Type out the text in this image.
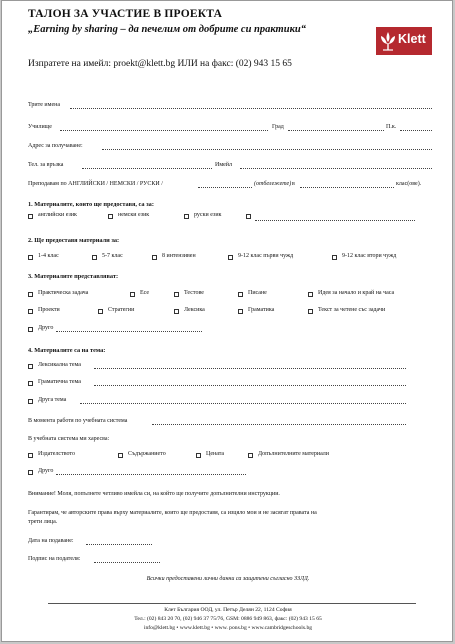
ТАЛОН ЗА УЧАСТИЕ В ПРОЕКТА
„Earning by sharing – да печелим от добрите си практики“
Изпратете на имейл: proekt@klett.bg ИЛИ на факс: (02) 943 15 65
Klett
Трите имена
Училище	Град	П.к.
Адрес за получаване:
Тел. за връзка	Имейл
Преподавам по АНГЛИЙСКИ / НЕМСКИ / РУСКИ /	(отбележете) в	клас(ове).
1. Материалите, които ще предоставя, са за:
английски език	немски език	руски език
2. Ще предоставя материали за:
1-4 клас	5-7 клас	8 интензивен	9-12 клас първи чужд	9-12 клас втори чужд
3. Материалите представляват:
Практическа задача	Есе	Тестове	Писане	Идея за начало и край на часа
Проекти	Стратегии	Лексика	Граматика	Текст за четене със задачи
Друго
4. Материалите са на тема:
Лексикална тема
Граматична тема
Друга тема
В момента работя по учебната система
В учебната система ми харесва:
Издателството	Съдържанието	Цената	Допълнителните материали
Друго
Внимание! Моля, попълнете четливо имейла си, на който ще получите допълнителни инструкции.
Гарантирам, че авторските права върху материалите, които ще предоставя, са изцяло мои и не засягат правата на
трети лица.
Дата на подаване:
Подпис на подателя:
Всички предоставени лични данни са защитени съгласно ЗЗЛД.
Клет България ООД, ул. Петър Делян 22, 1124 София
Тел.: (02) 843 20 70, (02) 946 37 75/76, GSM: 0886 949 863, факс: (02) 943 15 65
info@klett.bg • www.klett.bg • www. pons.bg • www.cambridgeschools.bg
